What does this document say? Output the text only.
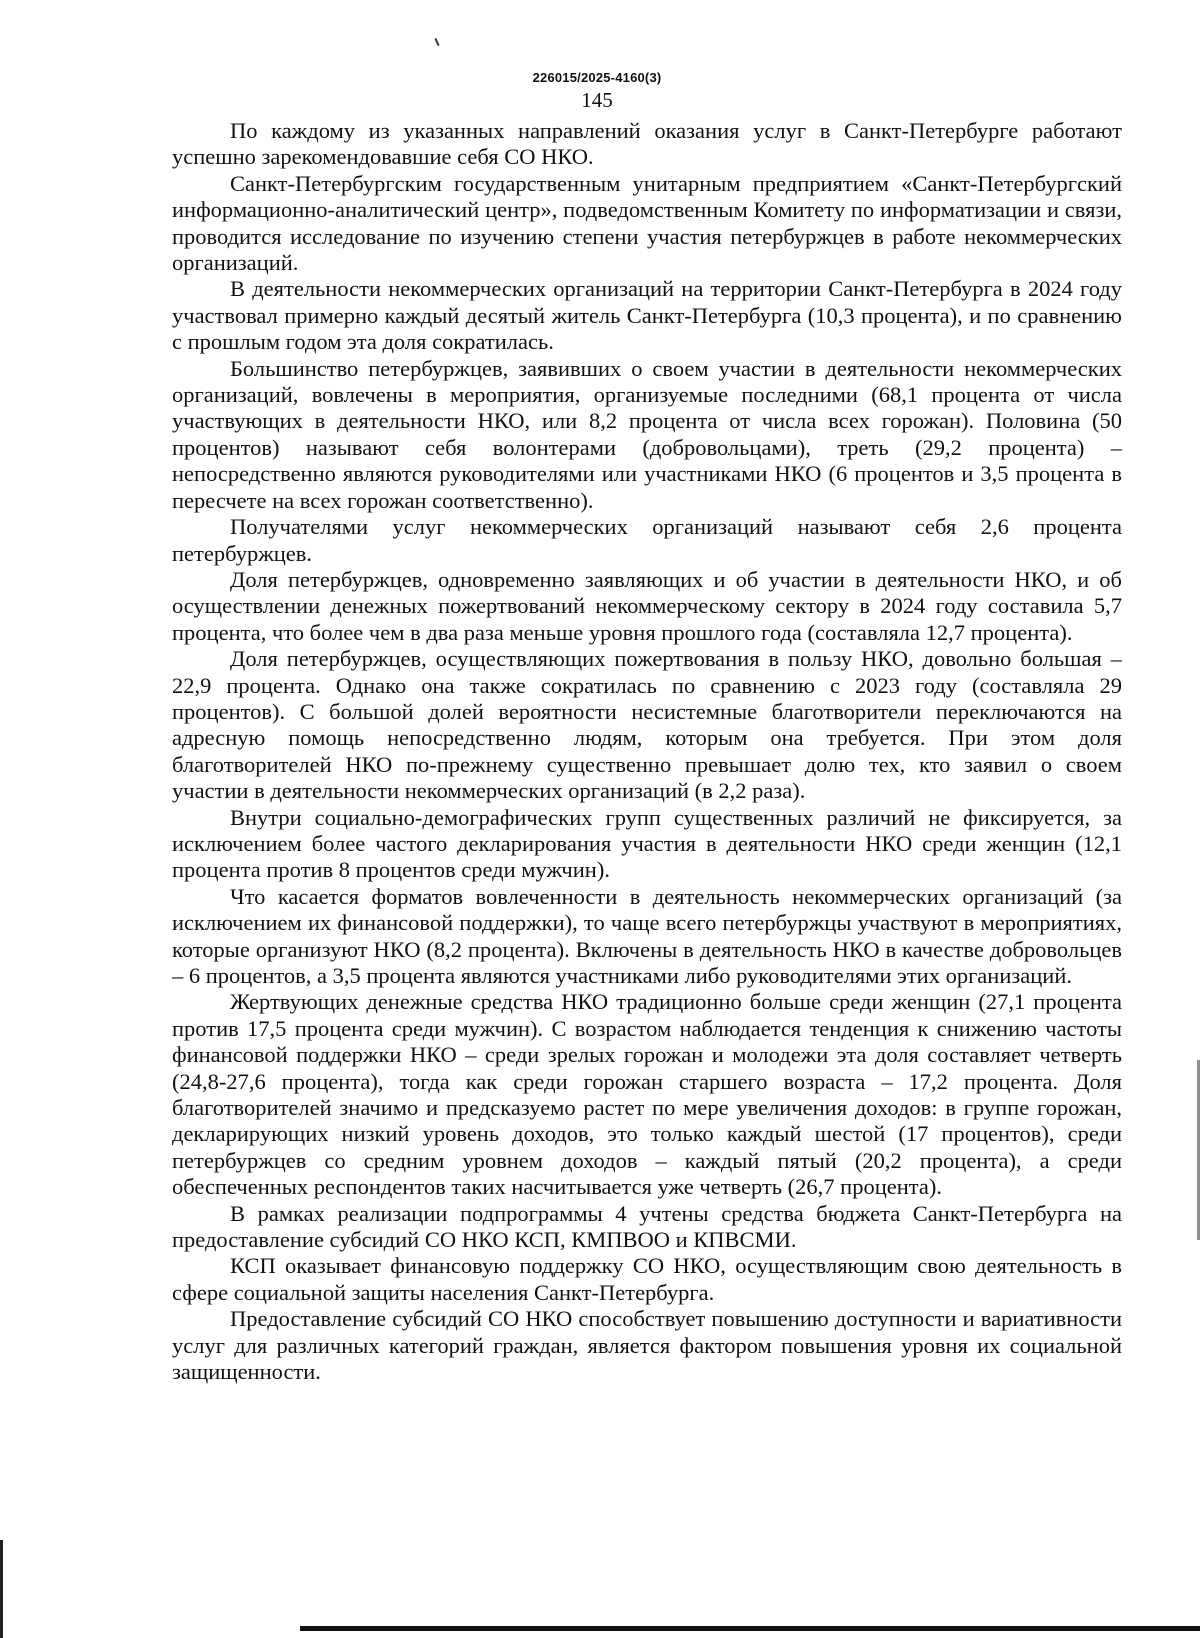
226015/2025-4160(3)
145

По каждому из указанных направлений оказания услуг в Санкт-Петербурге работают успешно зарекомендовавшие себя СО НКО.

Санкт-Петербургским государственным унитарным предприятием «Санкт-Петербургский информационно-аналитический центр», подведомственным Комитету по информатизации и связи, проводится исследование по изучению степени участия петербуржцев в работе некоммерческих организаций.

В деятельности некоммерческих организаций на территории Санкт-Петербурга в 2024 году участвовал примерно каждый десятый житель Санкт-Петербурга (10,3 процента), и по сравнению с прошлым годом эта доля сократилась.

Большинство петербуржцев, заявивших о своем участии в деятельности некоммерческих организаций, вовлечены в мероприятия, организуемые последними (68,1 процента от числа участвующих в деятельности НКО, или 8,2 процента от числа всех горожан). Половина (50 процентов) называют себя волонтерами (добровольцами), треть (29,2 процента) – непосредственно являются руководителями или участниками НКО (6 процентов и 3,5 процента в пересчете на всех горожан соответственно).

Получателями услуг некоммерческих организаций называют себя 2,6 процента петербуржцев.

Доля петербуржцев, одновременно заявляющих и об участии в деятельности НКО, и об осуществлении денежных пожертвований некоммерческому сектору в 2024 году составила 5,7 процента, что более чем в два раза меньше уровня прошлого года (составляла 12,7 процента).

Доля петербуржцев, осуществляющих пожертвования в пользу НКО, довольно большая – 22,9 процента. Однако она также сократилась по сравнению с 2023 году (составляла 29 процентов). С большой долей вероятности несистемные благотворители переключаются на адресную помощь непосредственно людям, которым она требуется. При этом доля благотворителей НКО по-прежнему существенно превышает долю тех, кто заявил о своем участии в деятельности некоммерческих организаций (в 2,2 раза).

Внутри социально-демографических групп существенных различий не фиксируется, за исключением более частого декларирования участия в деятельности НКО среди женщин (12,1 процента против 8 процентов среди мужчин).

Что касается форматов вовлеченности в деятельность некоммерческих организаций (за исключением их финансовой поддержки), то чаще всего петербуржцы участвуют в мероприятиях, которые организуют НКО (8,2 процента). Включены в деятельность НКО в качестве добровольцев – 6 процентов, а 3,5 процента являются участниками либо руководителями этих организаций.

Жертвующих денежные средства НКО традиционно больше среди женщин (27,1 процента против 17,5 процента среди мужчин). С возрастом наблюдается тенденция к снижению частоты финансовой поддержки НКО – среди зрелых горожан и молодежи эта доля составляет четверть (24,8-27,6 процента), тогда как среди горожан старшего возраста – 17,2 процента. Доля благотворителей значимо и предсказуемо растет по мере увеличения доходов: в группе горожан, декларирующих низкий уровень доходов, это только каждый шестой (17 процентов), среди петербуржцев со средним уровнем доходов – каждый пятый (20,2 процента), а среди обеспеченных респондентов таких насчитывается уже четверть (26,7 процента).

В рамках реализации подпрограммы 4 учтены средства бюджета Санкт-Петербурга на предоставление субсидий СО НКО КСП, КМПВОО и КПВСМИ.

КСП оказывает финансовую поддержку СО НКО, осуществляющим свою деятельность в сфере социальной защиты населения Санкт-Петербурга.

Предоставление субсидий СО НКО способствует повышению доступности и вариативности услуг для различных категорий граждан, является фактором повышения уровня их социальной защищенности.
